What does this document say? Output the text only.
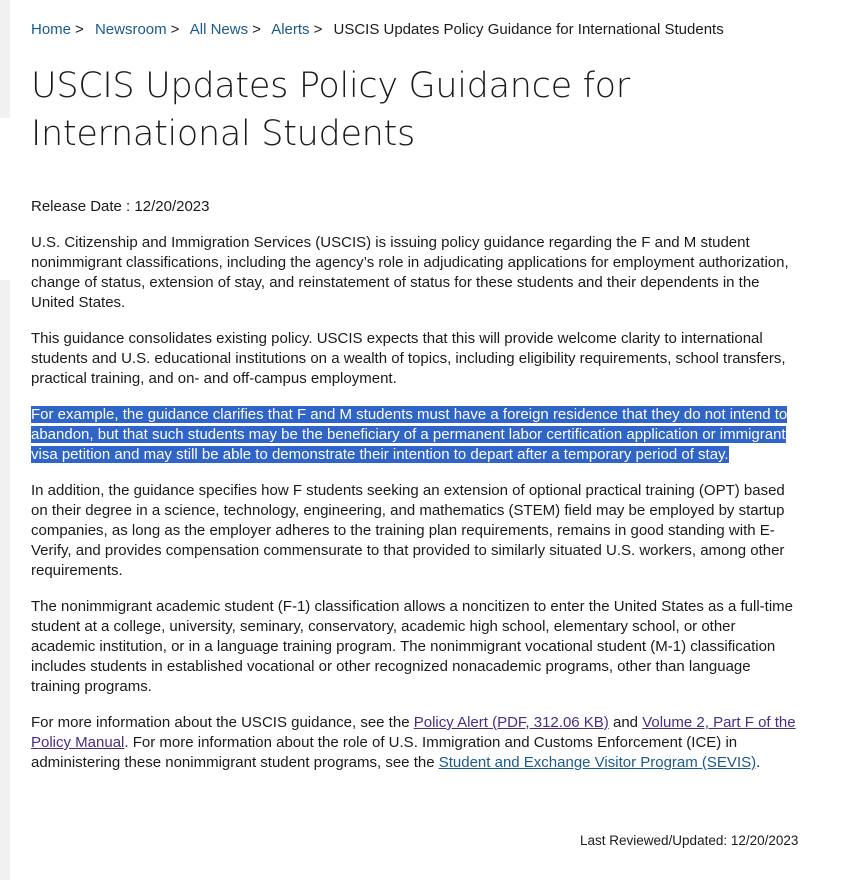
Home > Newsroom > All News > Alerts > USCIS Updates Policy Guidance for International Students
USCIS Updates Policy Guidance for International Students
Release Date : 12/20/2023

U.S. Citizenship and Immigration Services (USCIS) is issuing policy guidance regarding the F and M student nonimmigrant classifications, including the agency’s role in adjudicating applications for employment authorization, change of status, extension of stay, and reinstatement of status for these students and their dependents in the United States.

This guidance consolidates existing policy. USCIS expects that this will provide welcome clarity to international students and U.S. educational institutions on a wealth of topics, including eligibility requirements, school transfers, practical training, and on- and off-campus employment.

For example, the guidance clarifies that F and M students must have a foreign residence that they do not intend to abandon, but that such students may be the beneficiary of a permanent labor certification application or immigrant visa petition and may still be able to demonstrate their intention to depart after a temporary period of stay.

In addition, the guidance specifies how F students seeking an extension of optional practical training (OPT) based on their degree in a science, technology, engineering, and mathematics (STEM) field may be employed by startup companies, as long as the employer adheres to the training plan requirements, remains in good standing with E-Verify, and provides compensation commensurate to that provided to similarly situated U.S. workers, among other requirements.

The nonimmigrant academic student (F-1) classification allows a noncitizen to enter the United States as a full-time student at a college, university, seminary, conservatory, academic high school, elementary school, or other academic institution, or in a language training program. The nonimmigrant vocational student (M-1) classification includes students in established vocational or other recognized nonacademic programs, other than language training programs.

For more information about the USCIS guidance, see the Policy Alert (PDF, 312.06 KB) and Volume 2, Part F of the Policy Manual. For more information about the role of U.S. Immigration and Customs Enforcement (ICE) in administering these nonimmigrant student programs, see the Student and Exchange Visitor Program (SEVIS).

Last Reviewed/Updated: 12/20/2023
